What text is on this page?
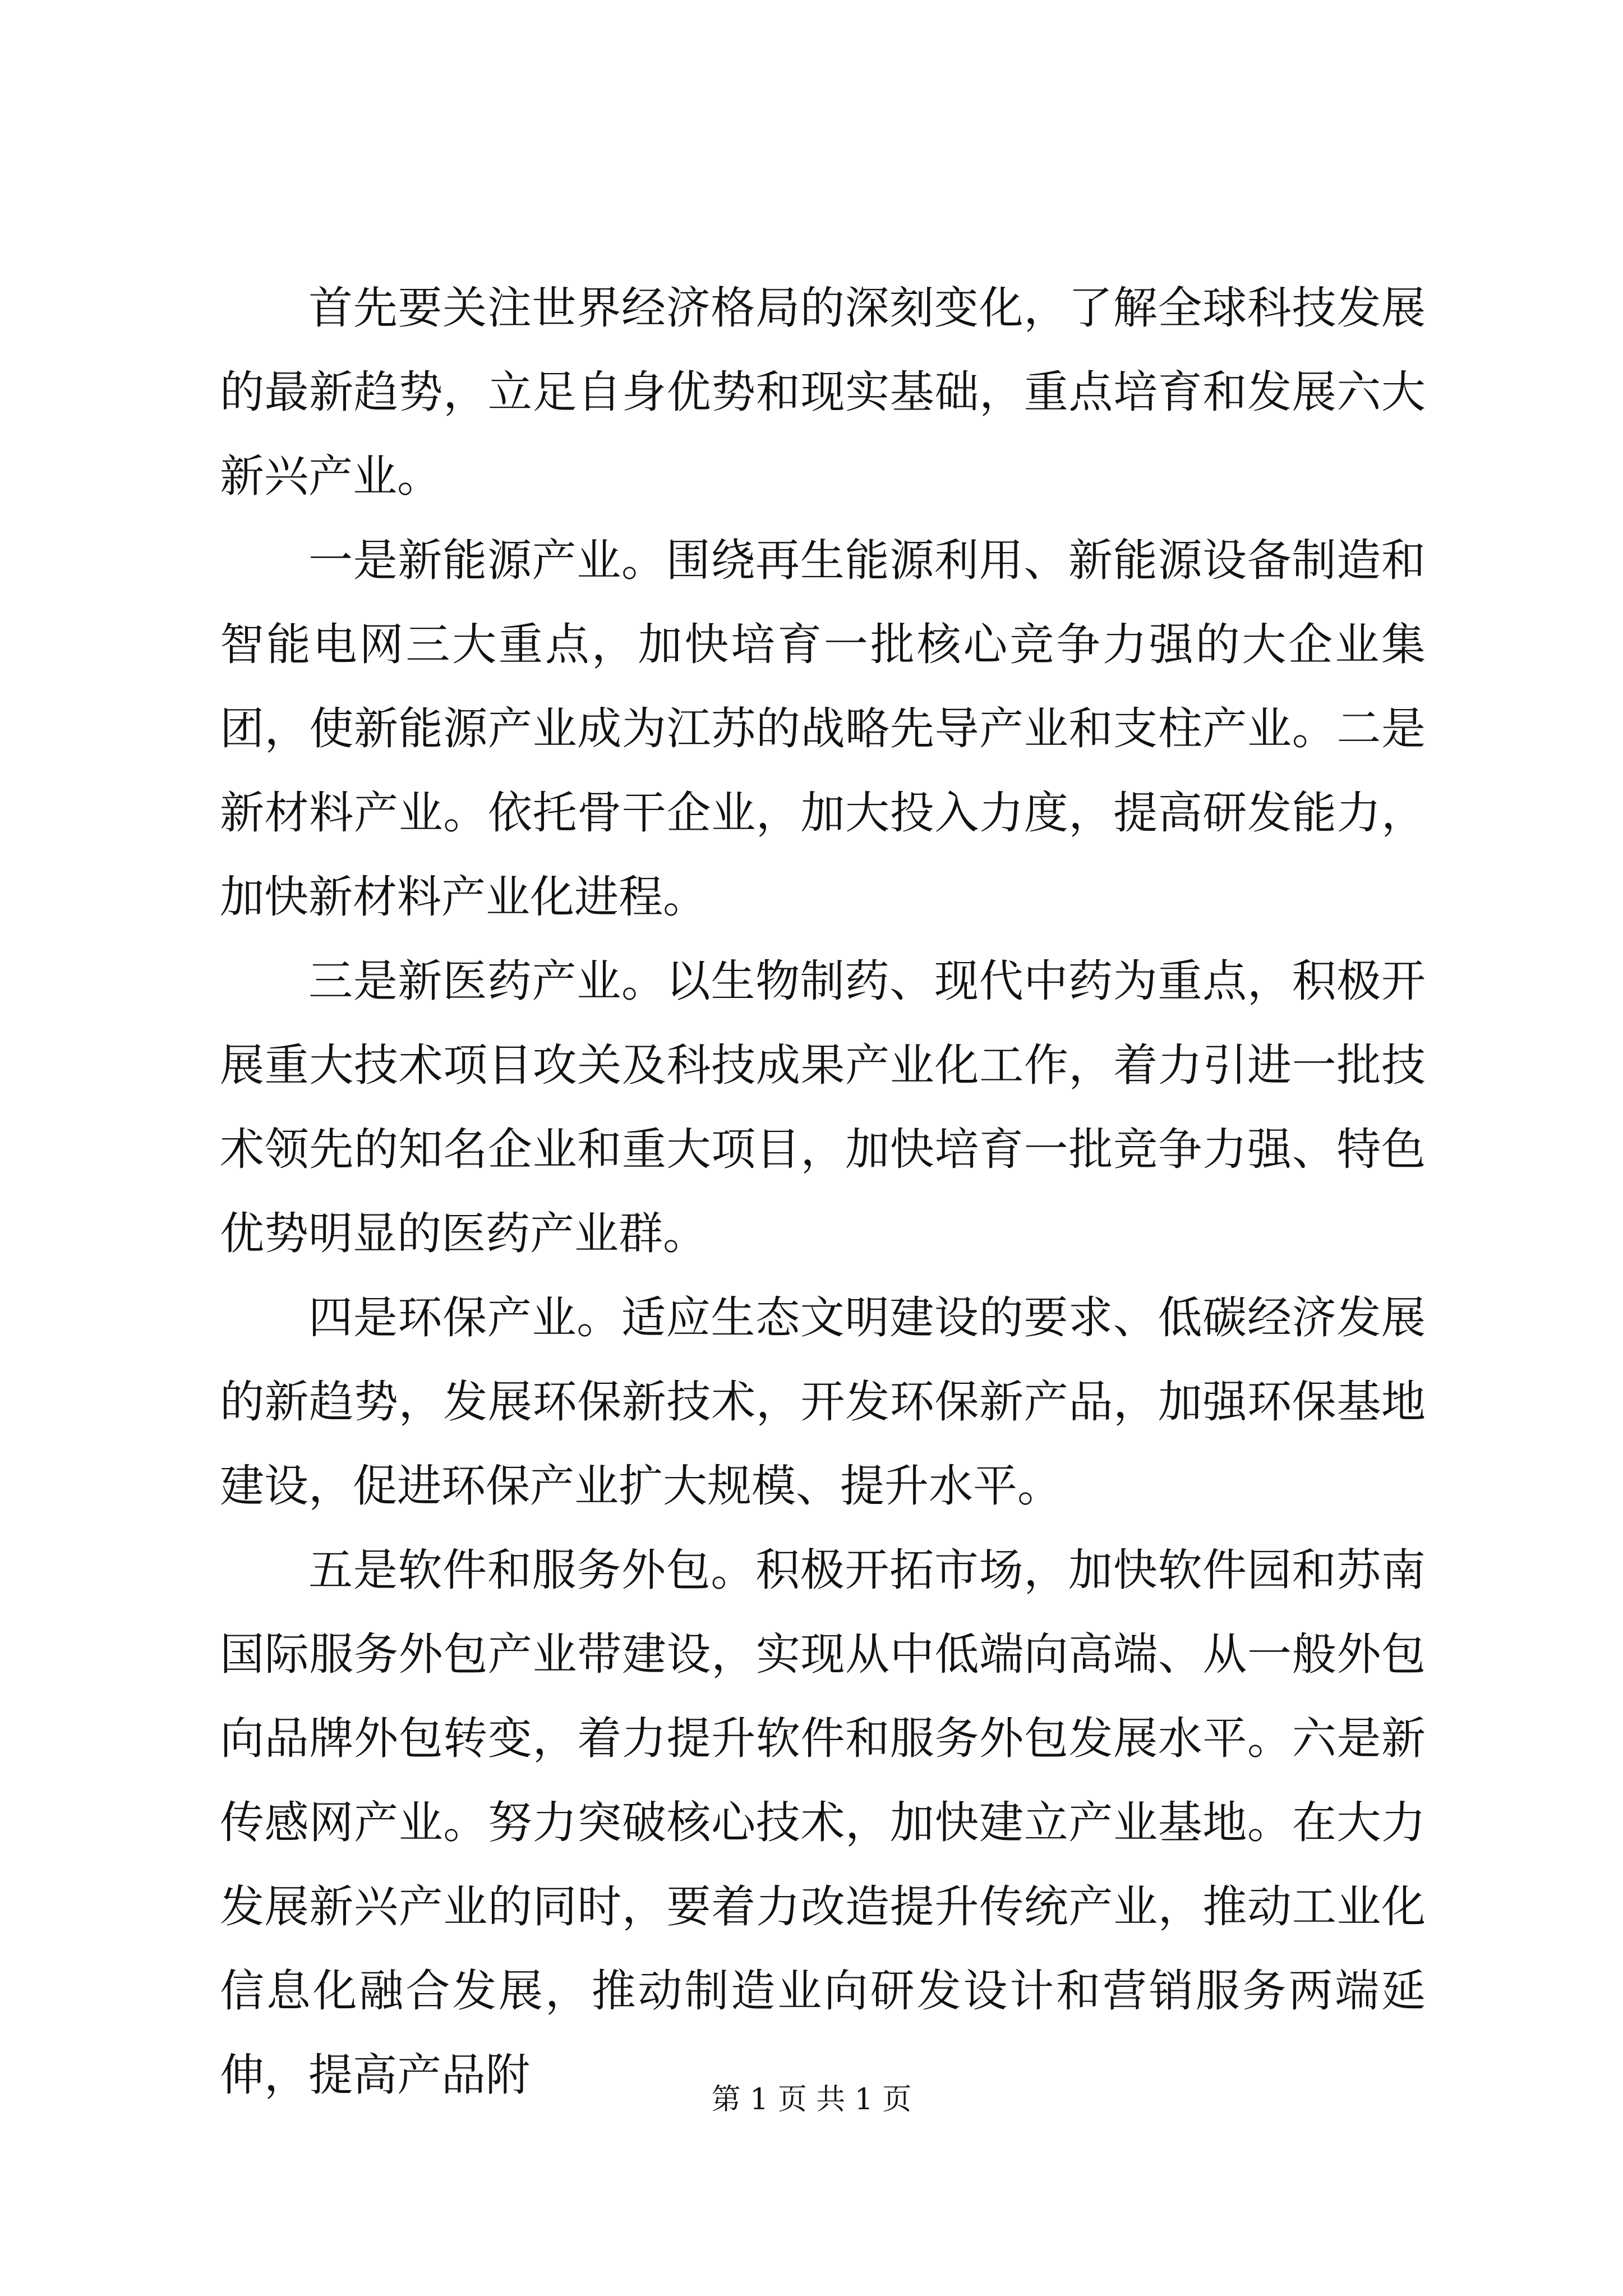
首先要关注世界经济格局的深刻变化，了解全球科技发展的最新趋势，立足自身优势和现实基础，重点培育和发展六大新兴产业。

一是新能源产业。围绕再生能源利用、新能源设备制造和智能电网三大重点，加快培育一批核心竞争力强的大企业集团，使新能源产业成为江苏的战略先导产业和支柱产业。二是新材料产业。依托骨干企业，加大投入力度，提高研发能力，加快新材料产业化进程。

三是新医药产业。以生物制药、现代中药为重点，积极开展重大技术项目攻关及科技成果产业化工作，着力引进一批技术领先的知名企业和重大项目，加快培育一批竞争力强、特色优势明显的医药产业群。

四是环保产业。适应生态文明建设的要求、低碳经济发展的新趋势，发展环保新技术，开发环保新产品，加强环保基地建设，促进环保产业扩大规模、提升水平。

五是软件和服务外包。积极开拓市场，加快软件园和苏南国际服务外包产业带建设，实现从中低端向高端、从一般外包向品牌外包转变，着力提升软件和服务外包发展水平。六是新传感网产业。努力突破核心技术，加快建立产业基地。在大力发展新兴产业的同时，要着力改造提升传统产业，推动工业化信息化融合发展，推动制造业向研发设计和营销服务两端延伸，提高产品附	第 1 页 共 1 页
